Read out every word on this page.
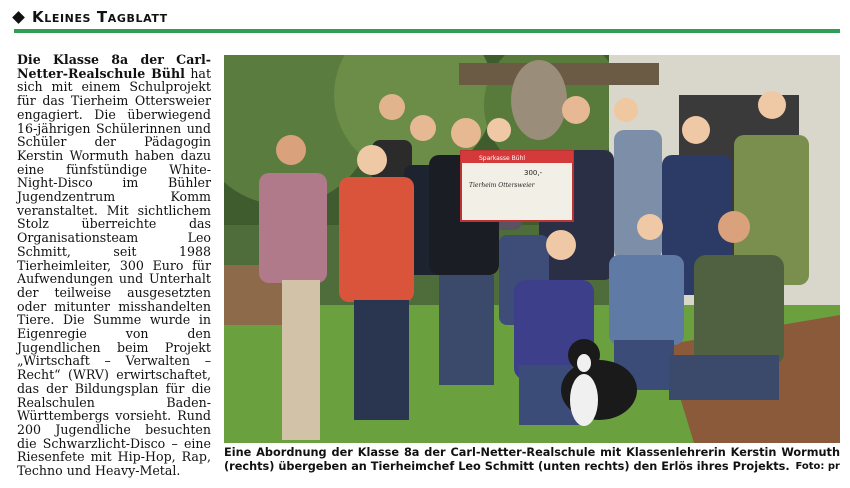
Kleines Tagblatt
Die Klasse 8a der Carl-Netter-Realschule Bühl hat sich mit einem Schulprojekt für das Tierheim Ottersweier engagiert. Die überwiegend 16-jährigen Schülerinnen und Schüler der Pädagogin Kerstin Wormuth haben dazu eine fünfstündige White-Night-Disco im Bühler Jugendzentrum Komm veranstaltet. Mit sichtlichem Stolz überreichte das Organisationsteam Leo Schmitt, seit 1988 Tierheimleiter, 300 Euro für Aufwendungen und Unterhalt der teilweise ausgesetzten oder mitunter misshandelten Tiere. Die Summe wurde in Eigenregie von den Jugendlichen beim Projekt „Wirtschaft – Verwalten – Recht“ (WRV) erwirtschaftet, das der Bildungsplan für die Realschulen Baden-Württembergs vorsieht. Rund 200 Jugendliche besuchten die Schwarzlicht-Disco – eine Riesenfete mit Hip-Hop, Rap, Techno und Heavy-Metal.
Sparkasse Bühl
Tierheim Ottersweier
300,-
Eine Abordnung der Klasse 8a der Carl-Netter-Realschule mit Klassenlehrerin Kerstin Wormuth (rechts) übergeben an Tierheimchef Leo Schmitt (unten rechts) den Erlös ihres Projekts. Foto: pr
